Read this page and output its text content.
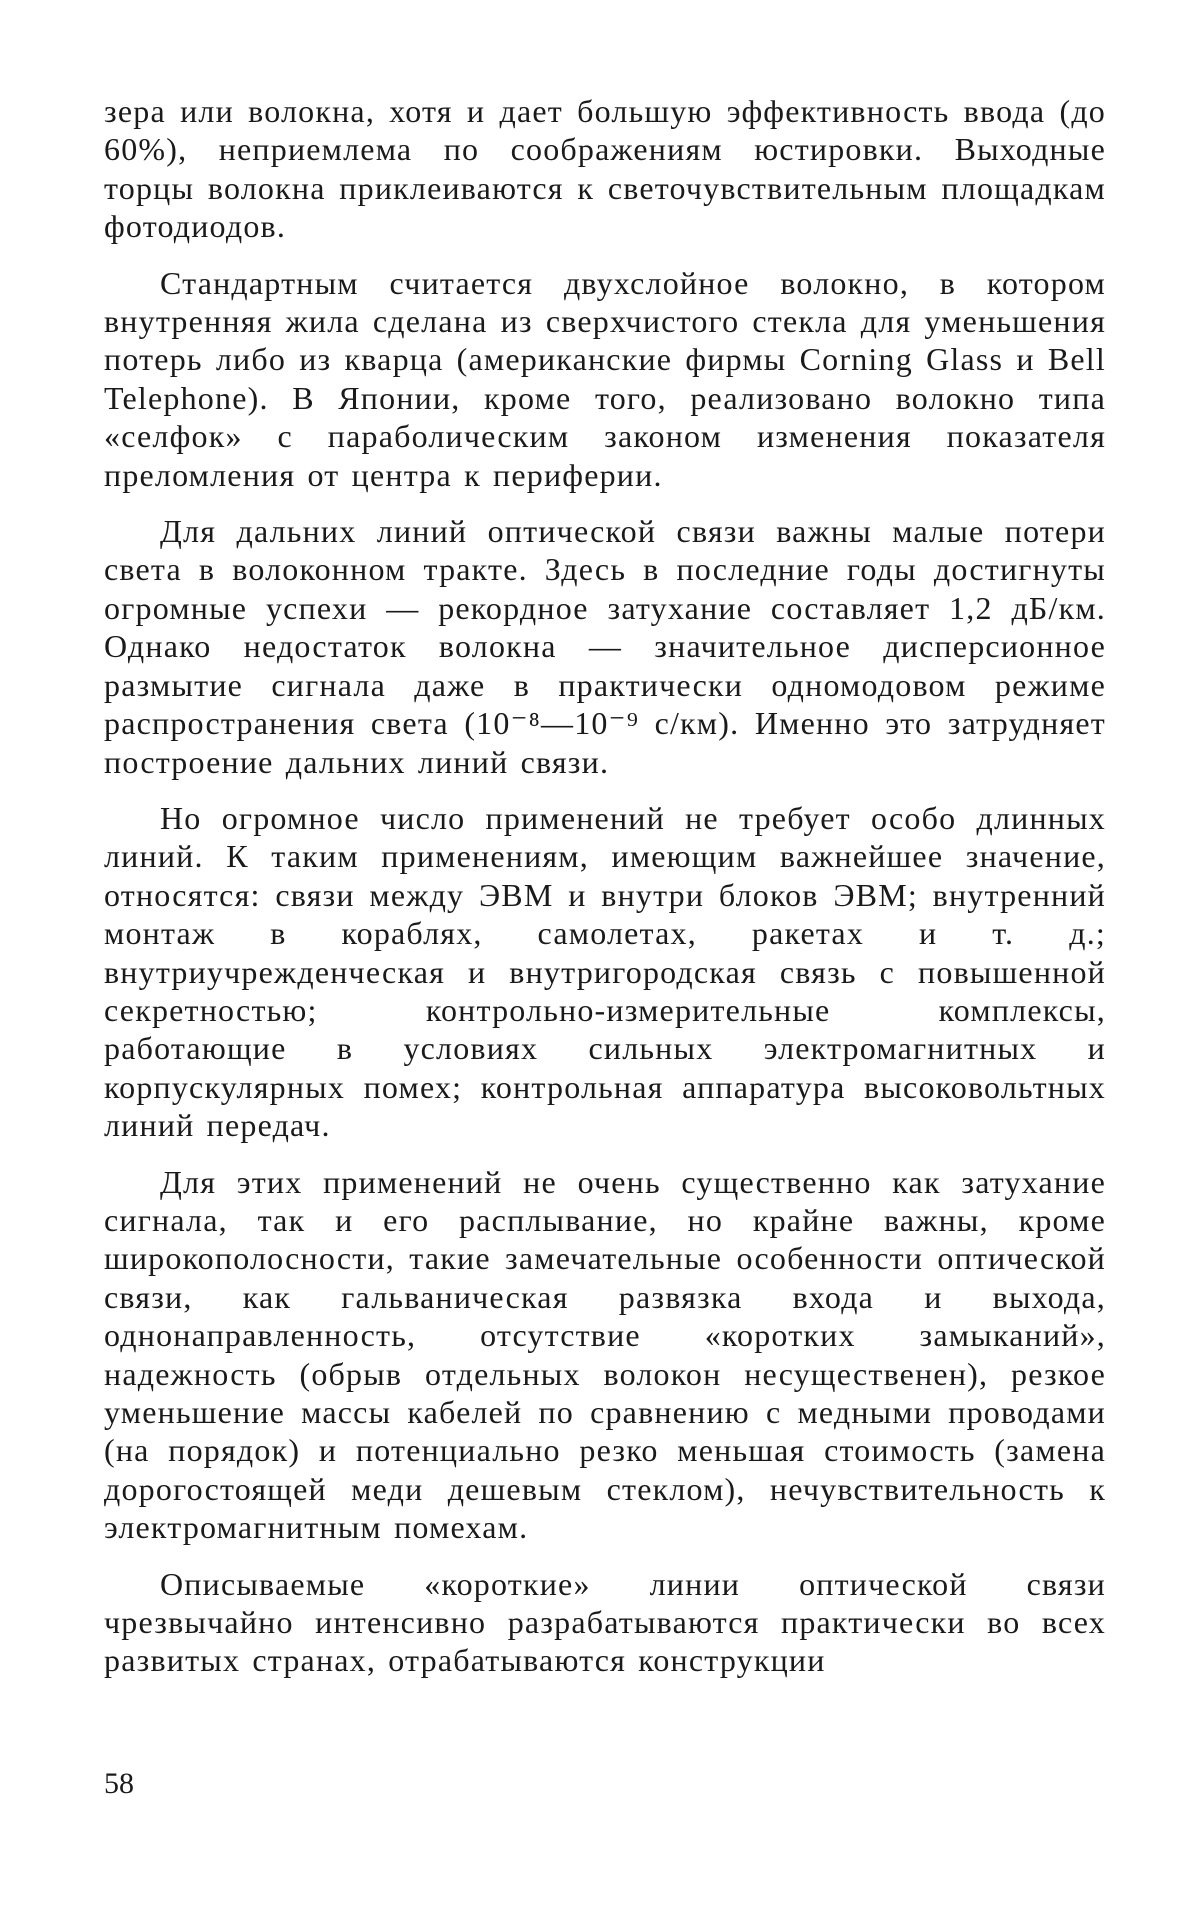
зера или волокна, хотя и дает большую эффективность ввода (до 60%), неприемлема по соображениям юстировки. Выходные торцы волокна приклеиваются к светочувствительным площадкам фотодиодов.

Стандартным считается двухслойное волокно, в котором внутренняя жила сделана из сверхчистого стекла для уменьшения потерь либо из кварца (американские фирмы Corning Glass и Bell Telephone). В Японии, кроме того, реализовано волокно типа «селфок» с параболическим законом изменения показателя преломления от центра к периферии.

Для дальних линий оптической связи важны малые потери света в волоконном тракте. Здесь в последние годы достигнуты огромные успехи — рекордное затухание составляет 1,2 дБ/км. Однако недостаток волокна — значительное дисперсионное размытие сигнала даже в практически одномодовом режиме распространения света (10⁻⁸—10⁻⁹ с/км). Именно это затрудняет построение дальних линий связи.

Но огромное число применений не требует особо длинных линий. К таким применениям, имеющим важнейшее значение, относятся: связи между ЭВМ и внутри блоков ЭВМ; внутренний монтаж в кораблях, самолетах, ракетах и т. д.; внутриучрежденческая и внутригородская связь с повышенной секретностью; контрольно-измерительные комплексы, работающие в условиях сильных электромагнитных и корпускулярных помех; контрольная аппаратура высоковольтных линий передач.

Для этих применений не очень существенно как затухание сигнала, так и его расплывание, но крайне важны, кроме широкополосности, такие замечательные особенности оптической связи, как гальваническая развязка входа и выхода, однонаправленность, отсутствие «коротких замыканий», надежность (обрыв отдельных волокон несущественен), резкое уменьшение массы кабелей по сравнению с медными проводами (на порядок) и потенциально резко меньшая стоимость (замена дорогостоящей меди дешевым стеклом), нечувствительность к электромагнитным помехам.

Описываемые «короткие» линии оптической связи чрезвычайно интенсивно разрабатываются практически во всех развитых странах, отрабатываются конструкции

58
